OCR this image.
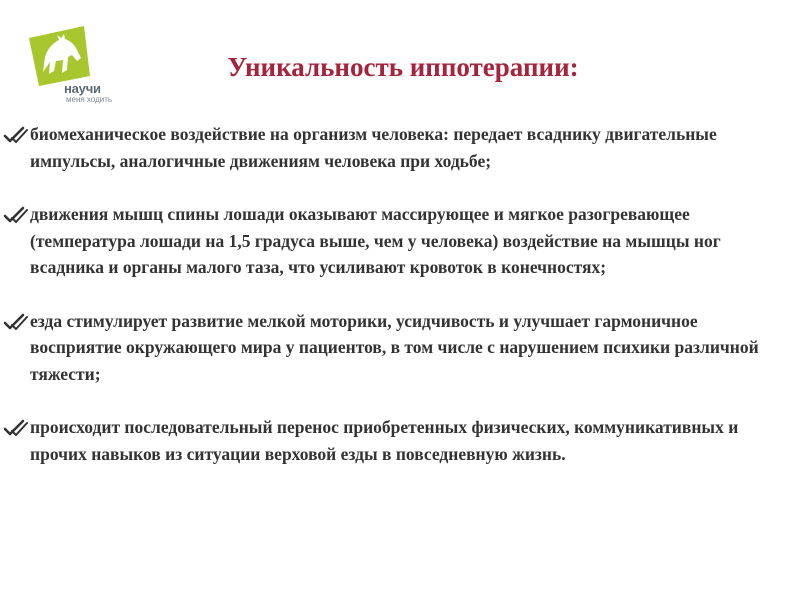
научи
меня ходить
Уникальность иппотерапии:
биомеханическое воздействие на организм человека: передает всаднику двигательные импульсы, аналогичные движениям человека при ходьбе;
движения мышц спины лошади оказывают массирующее и мягкое разогревающее (температура лошади на 1,5 градуса выше, чем у человека) воздействие на мышцы ног всадника и органы малого таза, что усиливают кровоток в конечностях;
езда стимулирует развитие мелкой моторики, усидчивость и улучшает гармоничное восприятие окружающего мира у пациентов, в том числе с нарушением психики различной тяжести;
происходит последовательный перенос приобретенных физических, коммуникативных и прочих навыков из ситуации верховой езды в повседневную жизнь.
